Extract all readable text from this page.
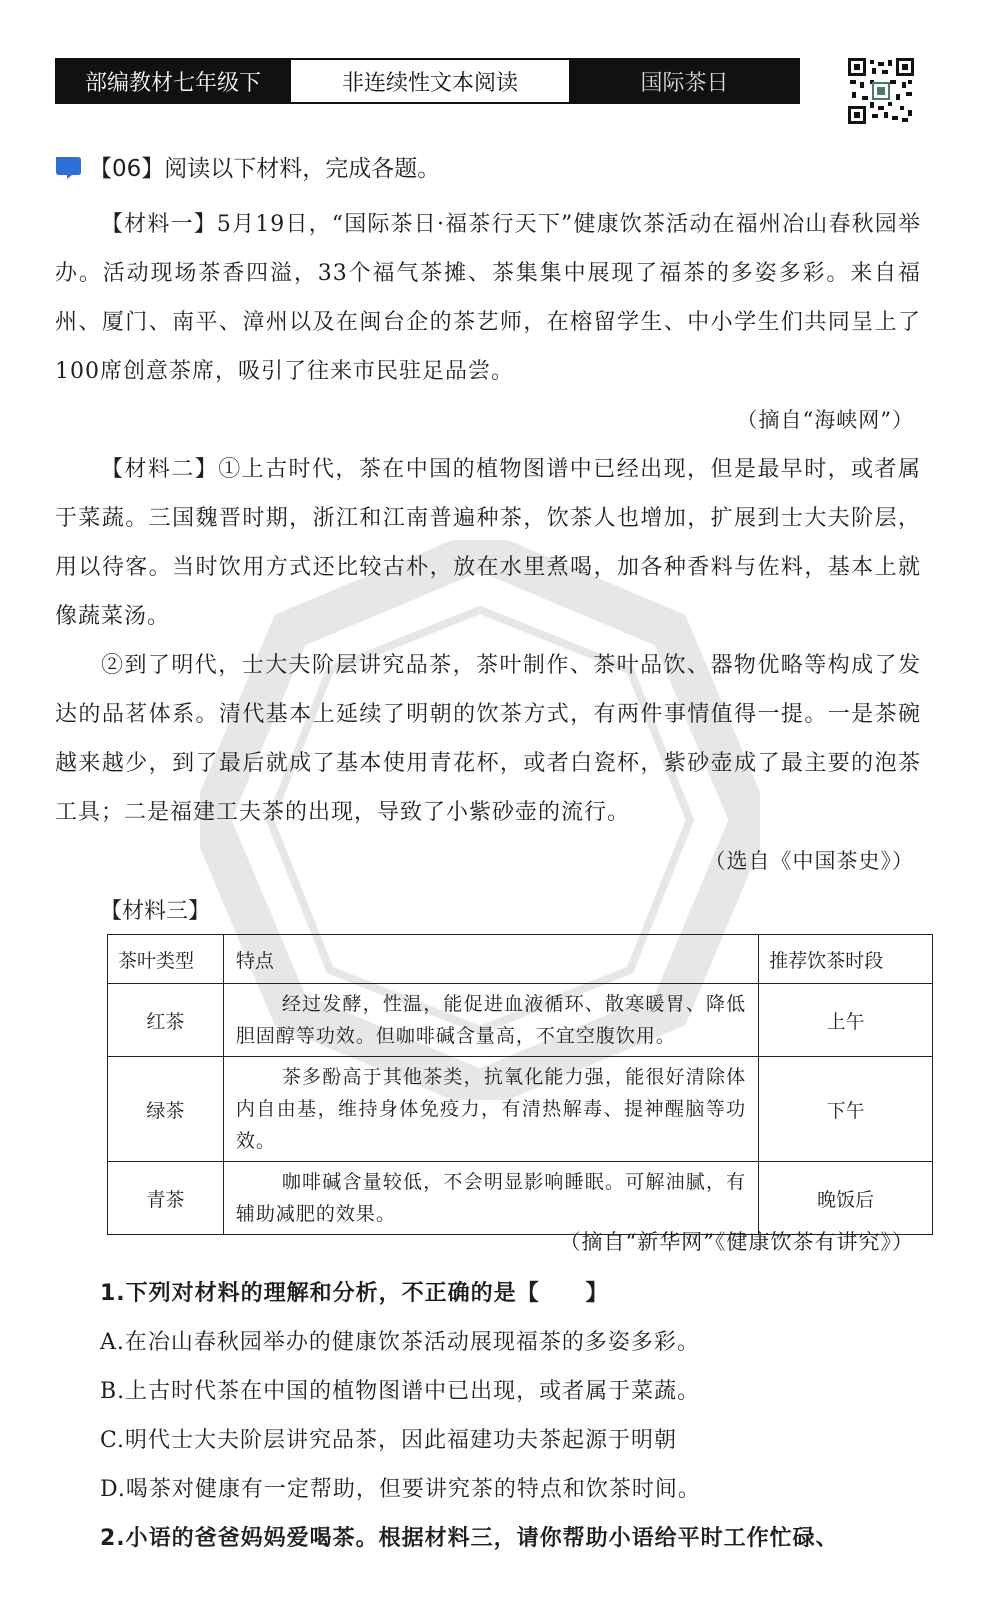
部编教材七年级下	非连续性文本阅读	国际茶日
【06】阅读以下材料，完成各题。
【材料一】5月19日，“国际茶日·福茶行天下”健康饮茶活动在福州冶山春秋园举办。活动现场茶香四溢，33个福气茶摊、茶集集中展现了福茶的多姿多彩。来自福州、厦门、南平、漳州以及在闽台企的茶艺师，在榕留学生、中小学生们共同呈上了100席创意茶席，吸引了往来市民驻足品尝。
（摘自“海峡网”）
【材料二】①上古时代，茶在中国的植物图谱中已经出现，但是最早时，或者属于菜蔬。三国魏晋时期，浙江和江南普遍种茶，饮茶人也增加，扩展到士大夫阶层，用以待客。当时饮用方式还比较古朴，放在水里煮喝，加各种香料与佐料，基本上就像蔬菜汤。
②到了明代，士大夫阶层讲究品茶，茶叶制作、茶叶品饮、器物优略等构成了发达的品茗体系。清代基本上延续了明朝的饮茶方式，有两件事情值得一提。一是茶碗越来越少，到了最后就成了基本使用青花杯，或者白瓷杯，紫砂壶成了最主要的泡茶工具；二是福建工夫茶的出现，导致了小紫砂壶的流行。
（选自《中国茶史》）
【材料三】
茶叶类型	特点	推荐饮茶时段
红茶	经过发酵，性温，能促进血液循环、散寒暖胃、降低胆固醇等功效。但咖啡碱含量高，不宜空腹饮用。	上午
绿茶	茶多酚高于其他茶类，抗氧化能力强，能很好清除体内自由基，维持身体免疫力，有清热解毒、提神醒脑等功效。	下午
青茶	咖啡碱含量较低，不会明显影响睡眠。可解油腻，有辅助减肥的效果。	晚饭后
（摘自“新华网”《健康饮茶有讲究》）
1.下列对材料的理解和分析，不正确的是【　　】
A.在冶山春秋园举办的健康饮茶活动展现福茶的多姿多彩。
B.上古时代茶在中国的植物图谱中已出现，或者属于菜蔬。
C.明代士大夫阶层讲究品茶，因此福建功夫茶起源于明朝
D.喝茶对健康有一定帮助，但要讲究茶的特点和饮茶时间。
2.小语的爸爸妈妈爱喝茶。根据材料三，请你帮助小语给平时工作忙碌、
